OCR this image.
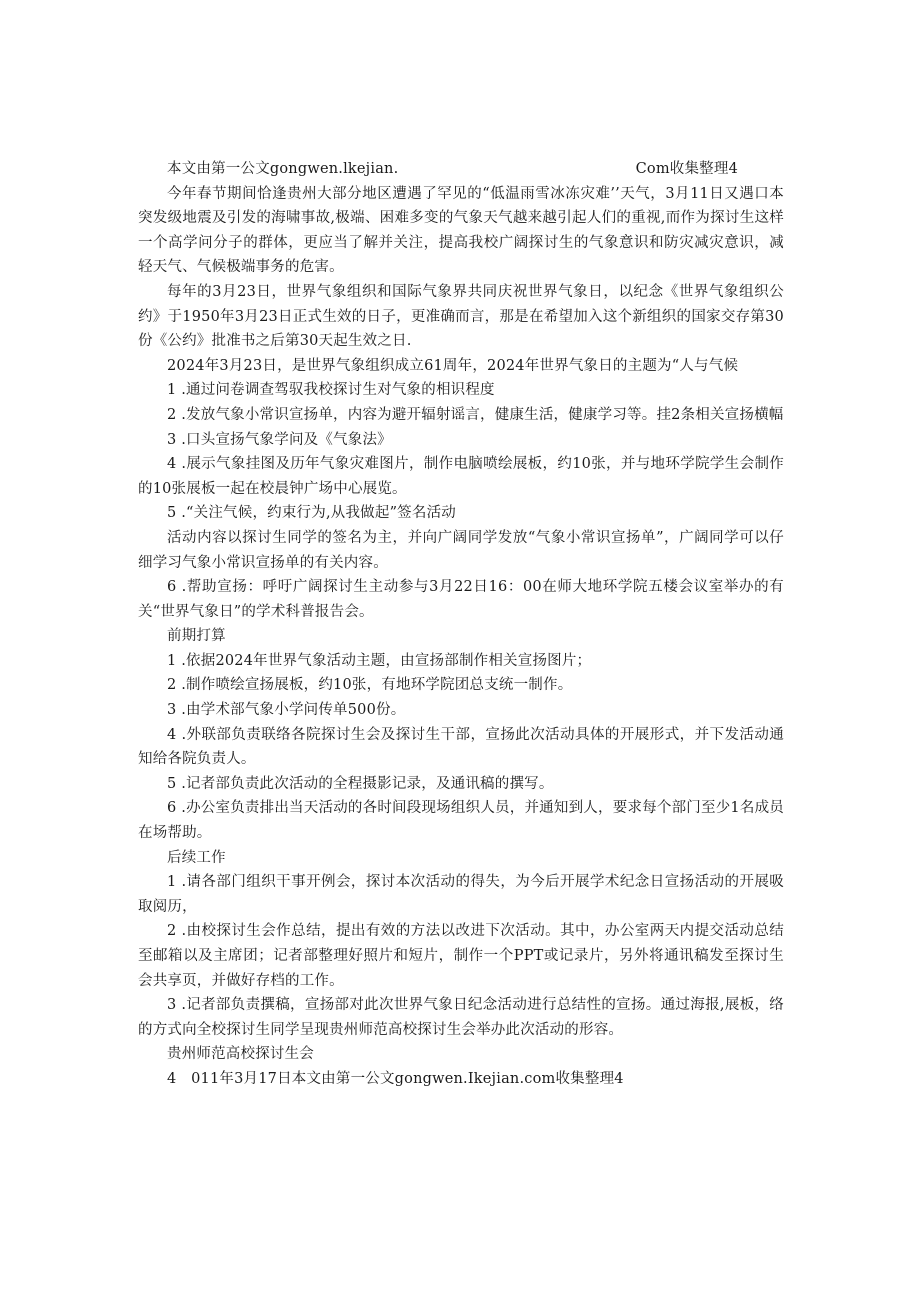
本文由第一公文gongwen.lkejian.	Com收集整理4

今年春节期间恰逢贵州大部分地区遭遇了罕见的“低温雨雪冰冻灾难’’天气，3月11日又遇口本突发级地震及引发的海啸事故,极端、困难多变的气象天气越来越引起人们的重视,而作为探讨生这样一个高学问分子的群体，更应当了解并关注，提高我校广阔探讨生的气象意识和防灾减灾意识，减轻天气、气候极端事务的危害。

每年的3月23日，世界气象组织和国际气象界共同庆祝世界气象日，以纪念《世界气象组织公约》于1950年3月23日正式生效的日子，更准确而言，那是在希望加入这个新组织的国家交存第30份《公约》批准书之后第30天起生效之日.

2024年3月23日，是世界气象组织成立61周年，2024年世界气象日的主题为“人与气候

1 .通过问卷调查驾驭我校探讨生对气象的相识程度

2 .发放气象小常识宣扬单，内容为避开辐射谣言，健康生活，健康学习等。挂2条相关宣扬横幅

3 .口头宣扬气象学问及《气象法》

4 .展示气象挂图及历年气象灾难图片，制作电脑喷绘展板，约10张，并与地环学院学生会制作的10张展板一起在校晨钟广场中心展览。

5 .“关注气候，约束行为,从我做起”签名活动

活动内容以探讨生同学的签名为主，并向广阔同学发放“气象小常识宣扬单”，广阔同学可以仔细学习气象小常识宣扬单的有关内容。

6 .帮助宣扬：呼吁广阔探讨生主动参与3月22日16：00在师大地环学院五楼会议室举办的有关“世界气象日”的学术科普报告会。

前期打算

1 .依据2024年世界气象活动主题，由宣扬部制作相关宣扬图片；

2 .制作喷绘宣扬展板，约10张，有地环学院团总支统一制作。

3 .由学术部气象小学问传单500份。

4 .外联部负责联络各院探讨生会及探讨生干部，宣扬此次活动具体的开展形式，并下发活动通知给各院负责人。

5 .记者部负责此次活动的全程摄影记录，及通讯稿的撰写。

6 .办公室负责排出当天活动的各时间段现场组织人员，并通知到人，要求每个部门至少1名成员在场帮助。

后续工作

1 .请各部门组织干事开例会，探讨本次活动的得失，为今后开展学术纪念日宣扬活动的开展吸取阅历，

2 .由校探讨生会作总结，提出有效的方法以改进下次活动。其中，办公室两天内提交活动总结至邮箱以及主席团；记者部整理好照片和短片，制作一个PPT或记录片，另外将通讯稿发至探讨生会共享页，并做好存档的工作。

3 .记者部负责撰稿，宣扬部对此次世界气象日纪念活动进行总结性的宣扬。通过海报,展板，络的方式向全校探讨生同学呈现贵州师范高校探讨生会举办此次活动的形容。

贵州师范高校探讨生会

4　011年3月17日本文由第一公文gongwen.Ikejian.com收集整理4
